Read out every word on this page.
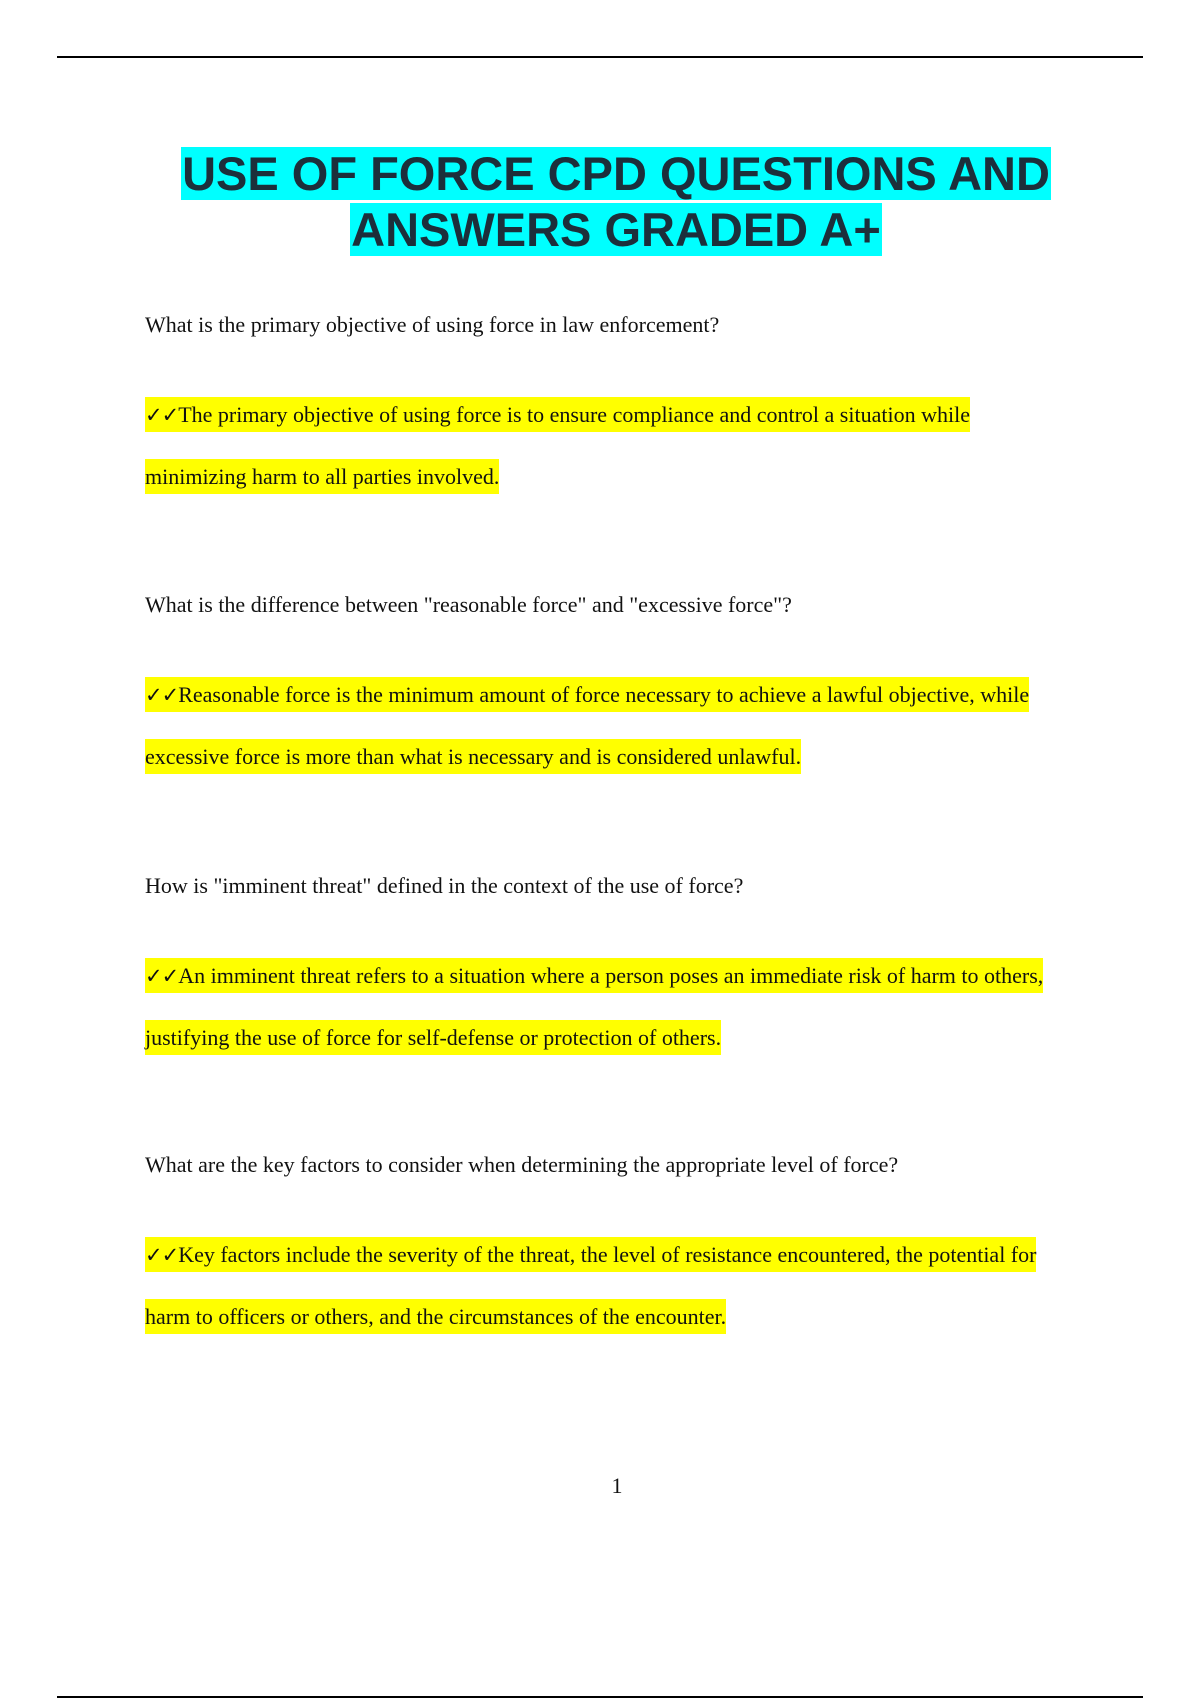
USE OF FORCE CPD QUESTIONS AND ANSWERS GRADED A+

What is the primary objective of using force in law enforcement?

✓✓The primary objective of using force is to ensure compliance and control a situation while minimizing harm to all parties involved.

What is the difference between "reasonable force" and "excessive force"?

✓✓Reasonable force is the minimum amount of force necessary to achieve a lawful objective, while excessive force is more than what is necessary and is considered unlawful.

How is "imminent threat" defined in the context of the use of force?

✓✓An imminent threat refers to a situation where a person poses an immediate risk of harm to others, justifying the use of force for self-defense or protection of others.

What are the key factors to consider when determining the appropriate level of force?

✓✓Key factors include the severity of the threat, the level of resistance encountered, the potential for harm to officers or others, and the circumstances of the encounter.

1
